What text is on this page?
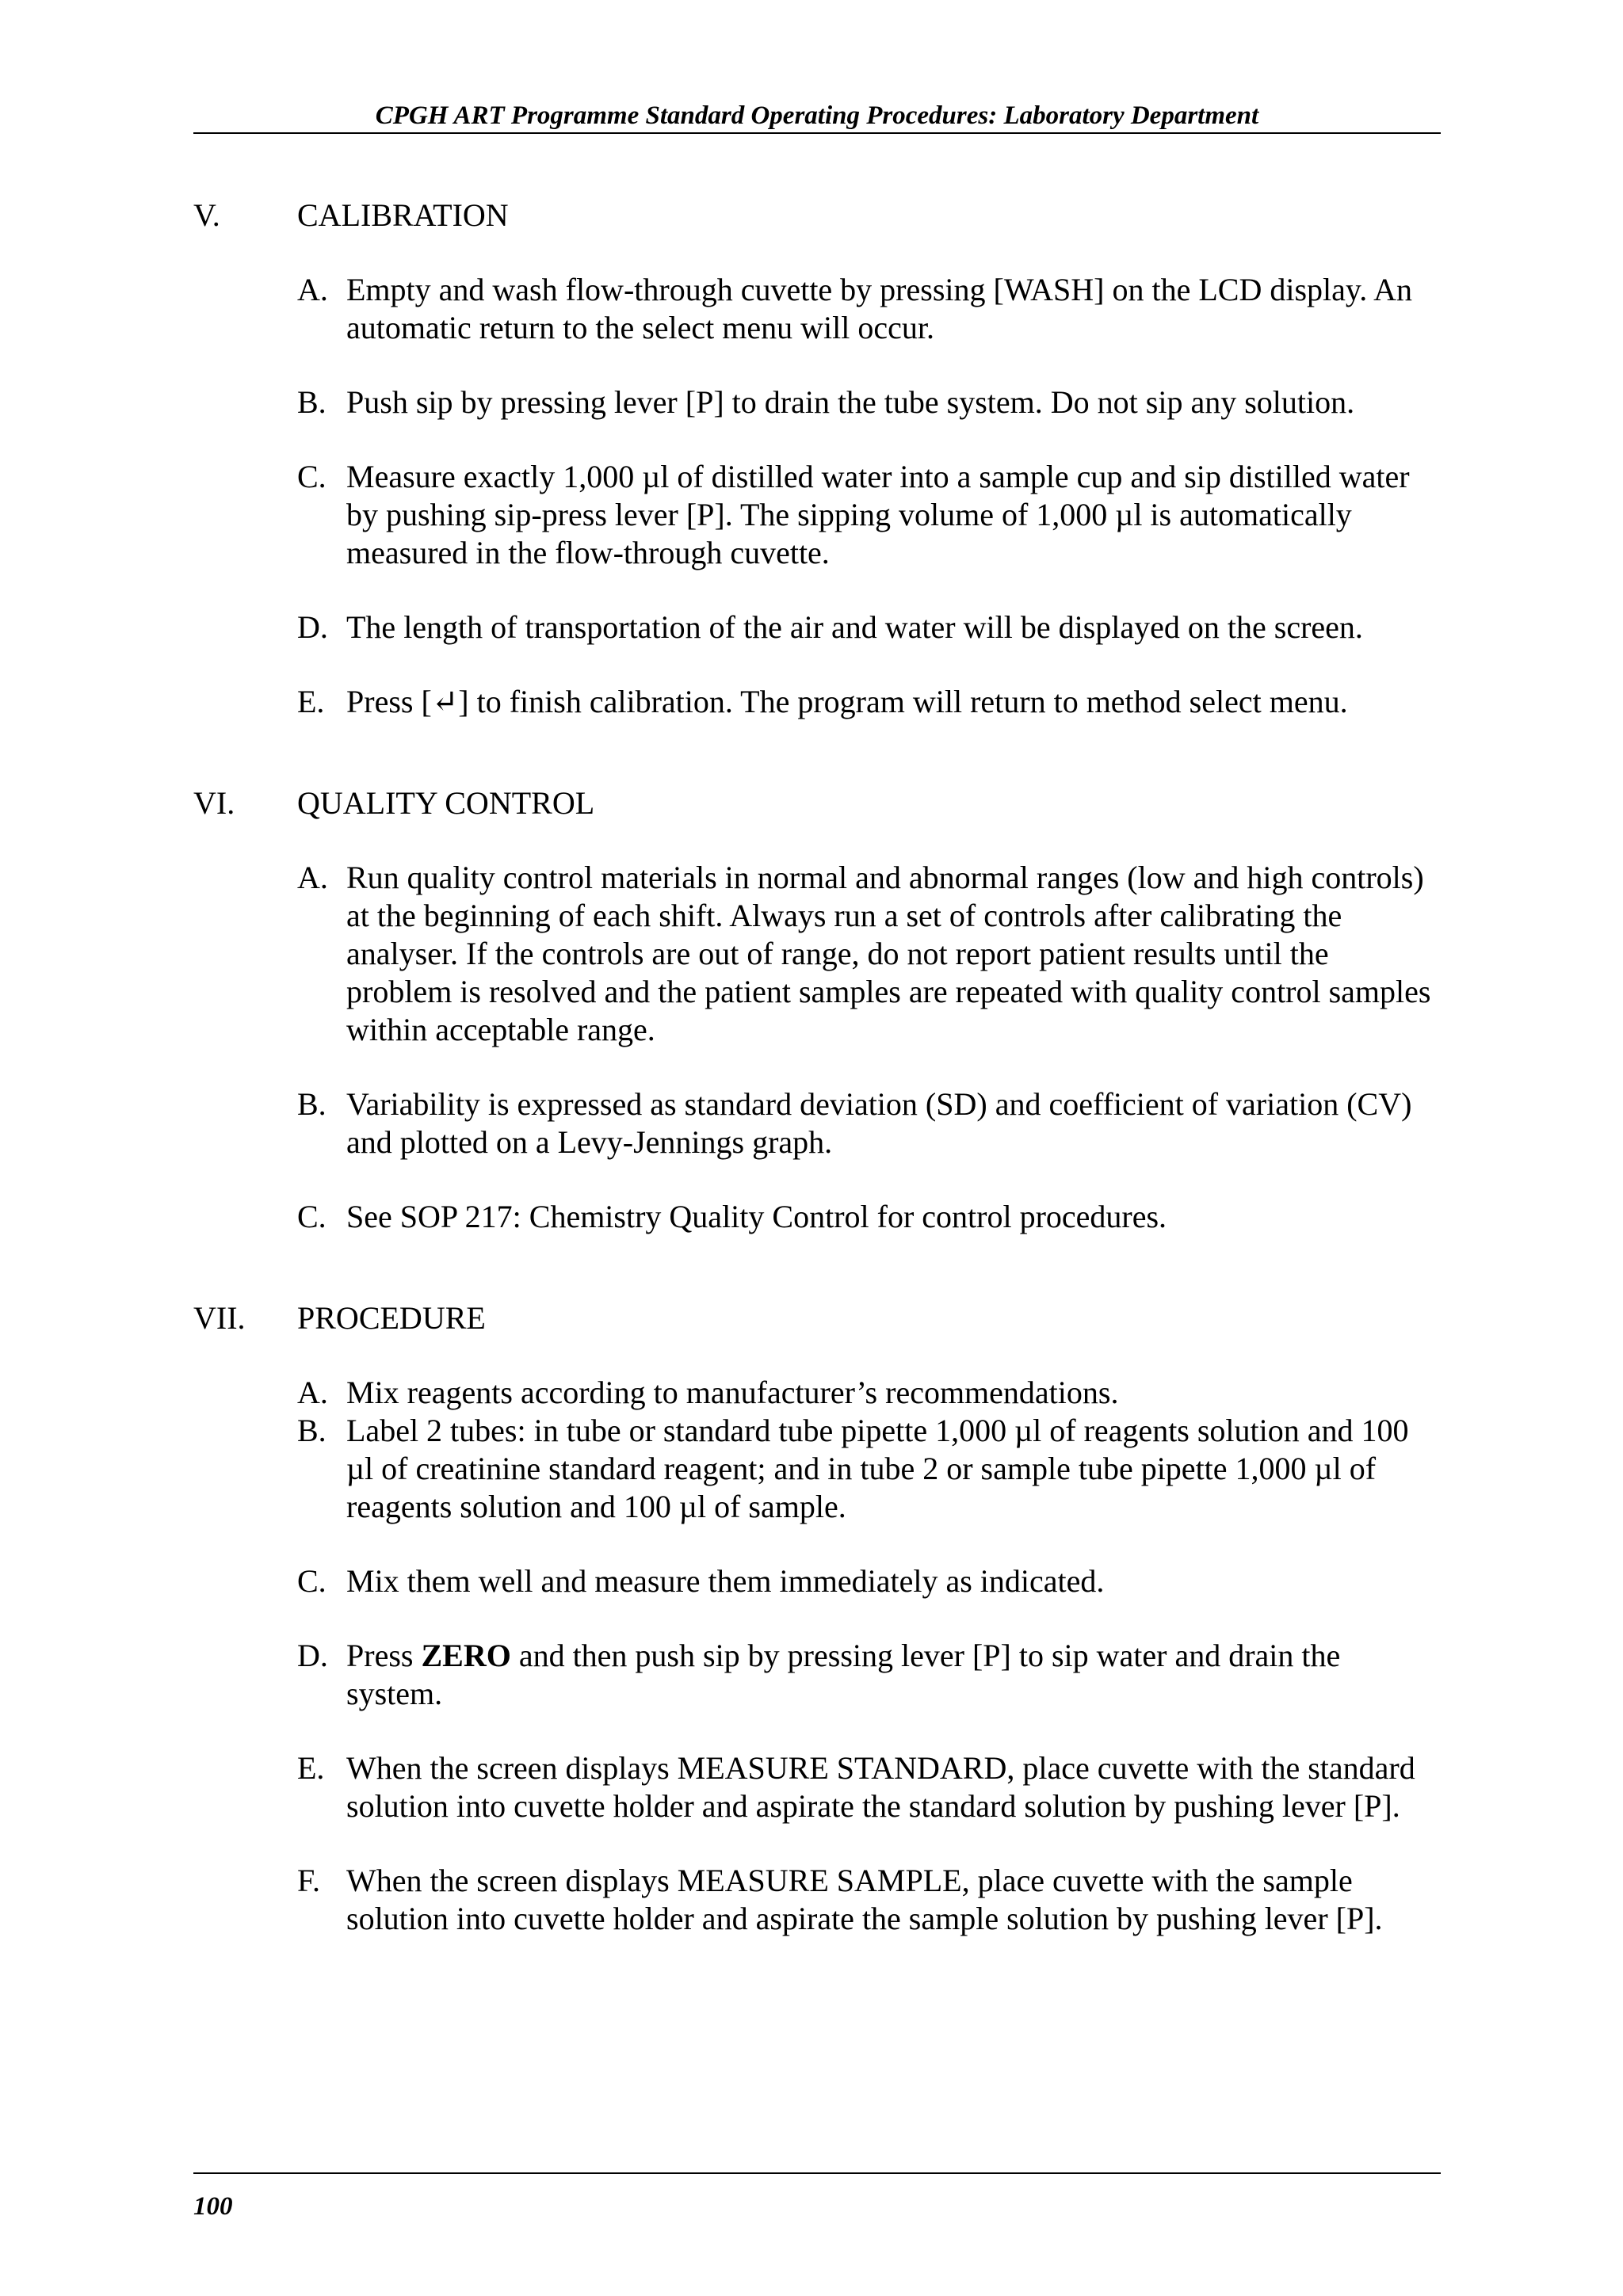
CPGH ART Programme Standard Operating Procedures: Laboratory Department
V.	CALIBRATION
A. Empty and wash flow-through cuvette by pressing [WASH] on the LCD display. An automatic return to the select menu will occur.
B. Push sip by pressing lever [P] to drain the tube system. Do not sip any solution.
C. Measure exactly 1,000 µl of distilled water into a sample cup and sip distilled water by pushing sip-press lever [P]. The sipping volume of 1,000 µl is automatically measured in the flow-through cuvette.
D. The length of transportation of the air and water will be displayed on the screen.
E. Press [↵] to finish calibration. The program will return to method select menu.
VI.	QUALITY CONTROL
A. Run quality control materials in normal and abnormal ranges (low and high controls) at the beginning of each shift. Always run a set of controls after calibrating the analyser. If the controls are out of range, do not report patient results until the problem is resolved and the patient samples are repeated with quality control samples within acceptable range.
B. Variability is expressed as standard deviation (SD) and coefficient of variation (CV) and plotted on a Levy-Jennings graph.
C. See SOP 217: Chemistry Quality Control for control procedures.
VII.	PROCEDURE
A. Mix reagents according to manufacturer’s recommendations.
B. Label 2 tubes: in tube or standard tube pipette 1,000 µl of reagents solution and 100 µl of creatinine standard reagent; and in tube 2 or sample tube pipette 1,000 µl of reagents solution and 100 µl of sample.
C. Mix them well and measure them immediately as indicated.
D. Press ZERO and then push sip by pressing lever [P] to sip water and drain the system.
E. When the screen displays MEASURE STANDARD, place cuvette with the standard solution into cuvette holder and aspirate the standard solution by pushing lever [P].
F. When the screen displays MEASURE SAMPLE, place cuvette with the sample solution into cuvette holder and aspirate the sample solution by pushing lever [P].
100
